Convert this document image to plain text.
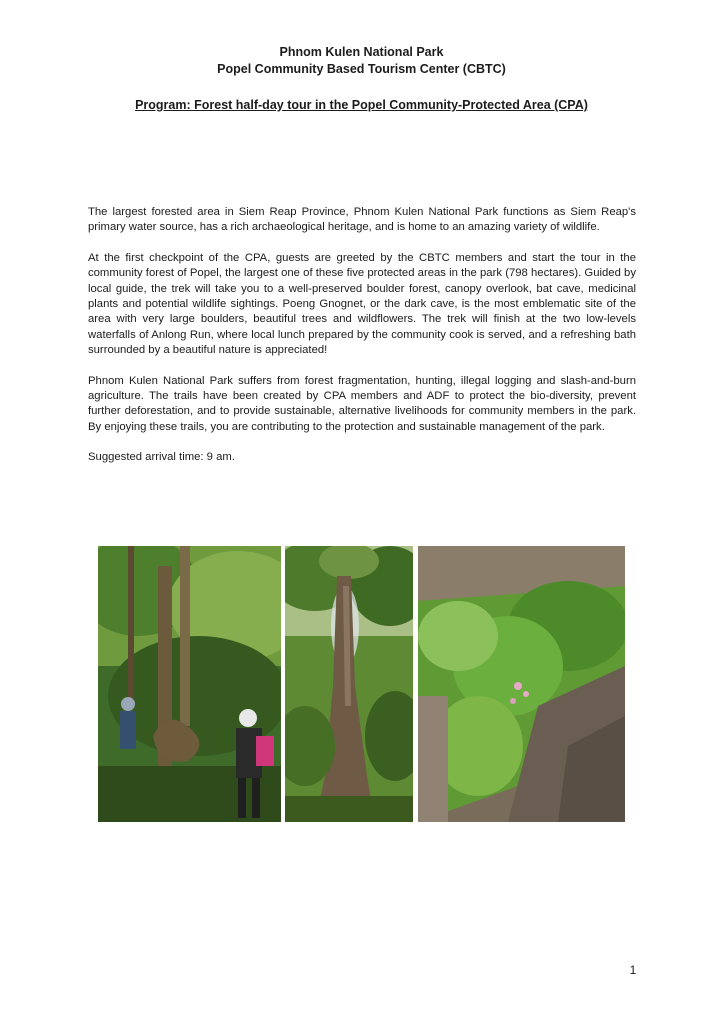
Phnom Kulen National Park
Popel Community Based Tourism Center (CBTC)
Program: Forest half-day tour in the Popel Community-Protected Area (CPA)

The largest forested area in Siem Reap Province, Phnom Kulen National Park functions as Siem Reap's primary water source, has a rich archaeological heritage, and is home to an amazing variety of wildlife.

At the first checkpoint of the CPA, guests are greeted by the CBTC members and start the tour in the community forest of Popel, the largest one of these five protected areas in the park (798 hectares). Guided by local guide, the trek will take you to a well-preserved boulder forest, canopy overlook, bat cave, medicinal plants and potential wildlife sightings. Poeng Gnognet, or the dark cave, is the most emblematic site of the area with very large boulders, beautiful trees and wildflowers. The trek will finish at the two low-levels waterfalls of Anlong Run, where local lunch prepared by the community cook is served, and a refreshing bath surrounded by a beautiful nature is appreciated!

Phnom Kulen National Park suffers from forest fragmentation, hunting, illegal logging and slash-and-burn agriculture. The trails have been created by CPA members and ADF to protect the bio-diversity, prevent further deforestation, and to provide sustainable, alternative livelihoods for community members in the park. By enjoying these trails, you are contributing to the protection and sustainable management of the park.

Suggested arrival time: 9 am.

1
